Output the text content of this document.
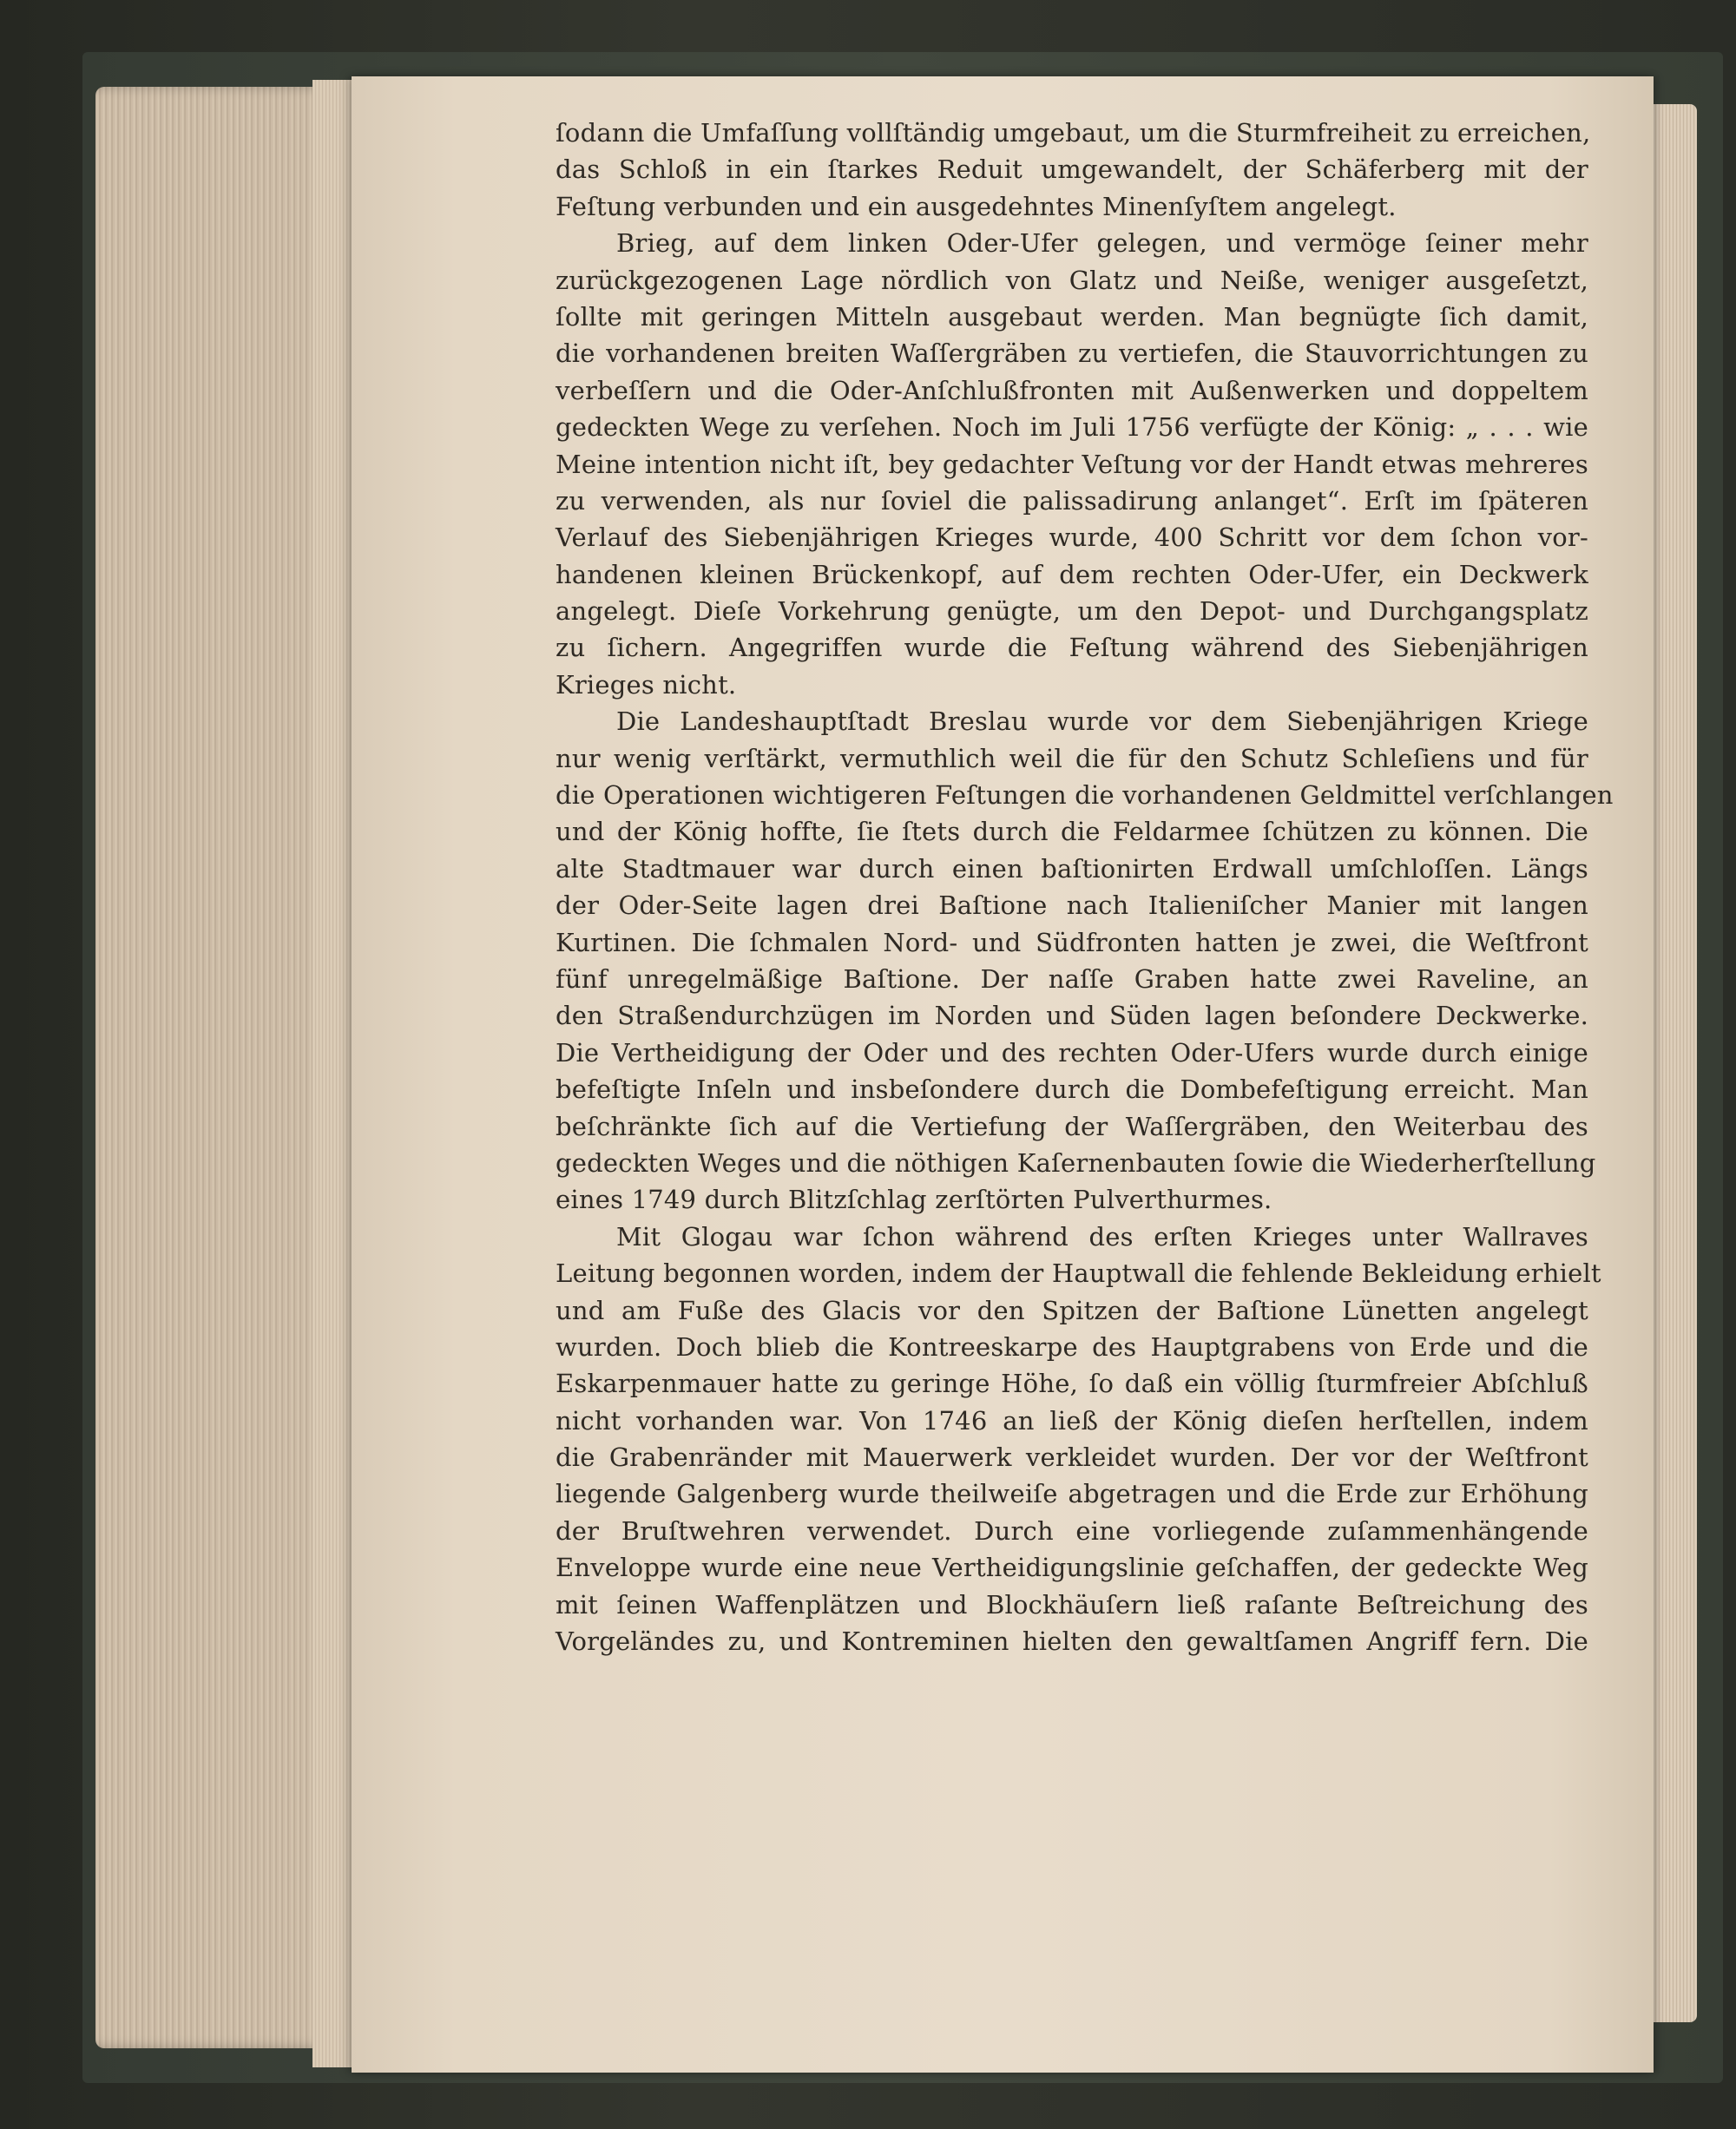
ſodann die Umfaſſung vollſtändig umgebaut, um die Sturmfreiheit zu erreichen,
das Schloß in ein ſtarkes Reduit umgewandelt, der Schäferberg mit der
Feſtung verbunden und ein ausgedehntes Minenſyſtem angelegt.
Brieg, auf dem linken Oder-Ufer gelegen, und vermöge ſeiner mehr
zurückgezogenen Lage nördlich von Glatz und Neiße, weniger ausgeſetzt,
ſollte mit geringen Mitteln ausgebaut werden. Man begnügte ſich damit,
die vorhandenen breiten Waſſergräben zu vertiefen, die Stauvorrichtungen zu
verbeſſern und die Oder-Anſchlußfronten mit Außenwerken und doppeltem
gedeckten Wege zu verſehen. Noch im Juli 1756 verfügte der König: „ . . . wie
Meine intention nicht iſt, bey gedachter Veſtung vor der Handt etwas mehreres
zu verwenden, als nur ſoviel die palissadirung anlanget“. Erſt im ſpäteren
Verlauf des Siebenjährigen Krieges wurde, 400 Schritt vor dem ſchon vor-
handenen kleinen Brückenkopf, auf dem rechten Oder-Ufer, ein Deckwerk
angelegt. Dieſe Vorkehrung genügte, um den Depot- und Durchgangsplatz
zu ſichern. Angegriffen wurde die Feſtung während des Siebenjährigen
Krieges nicht.
Die Landeshauptſtadt Breslau wurde vor dem Siebenjährigen Kriege
nur wenig verſtärkt, vermuthlich weil die für den Schutz Schleſiens und für
die Operationen wichtigeren Feſtungen die vorhandenen Geldmittel verſchlangen
und der König hoffte, ſie ſtets durch die Feldarmee ſchützen zu können. Die
alte Stadtmauer war durch einen baſtionirten Erdwall umſchloſſen. Längs
der Oder-Seite lagen drei Baſtione nach Italieniſcher Manier mit langen
Kurtinen. Die ſchmalen Nord- und Südfronten hatten je zwei, die Weſtfront
fünf unregelmäßige Baſtione. Der naſſe Graben hatte zwei Raveline, an
den Straßendurchzügen im Norden und Süden lagen beſondere Deckwerke.
Die Vertheidigung der Oder und des rechten Oder-Ufers wurde durch einige
befeſtigte Inſeln und insbeſondere durch die Dombefeſtigung erreicht. Man
beſchränkte ſich auf die Vertiefung der Waſſergräben, den Weiterbau des
gedeckten Weges und die nöthigen Kaſernenbauten ſowie die Wiederherſtellung
eines 1749 durch Blitzſchlag zerſtörten Pulverthurmes.
Mit Glogau war ſchon während des erſten Krieges unter Wallraves
Leitung begonnen worden, indem der Hauptwall die fehlende Bekleidung erhielt
und am Fuße des Glacis vor den Spitzen der Baſtione Lünetten angelegt
wurden. Doch blieb die Kontreeskarpe des Hauptgrabens von Erde und die
Eskarpenmauer hatte zu geringe Höhe, ſo daß ein völlig ſturmfreier Abſchluß
nicht vorhanden war. Von 1746 an ließ der König dieſen herſtellen, indem
die Grabenränder mit Mauerwerk verkleidet wurden. Der vor der Weſtfront
liegende Galgenberg wurde theilweiſe abgetragen und die Erde zur Erhöhung
der Bruſtwehren verwendet. Durch eine vorliegende zuſammenhängende
Enveloppe wurde eine neue Vertheidigungslinie geſchaffen, der gedeckte Weg
mit ſeinen Waffenplätzen und Blockhäuſern ließ raſante Beſtreichung des
Vorgeländes zu, und Kontreminen hielten den gewaltſamen Angriff fern. Die
